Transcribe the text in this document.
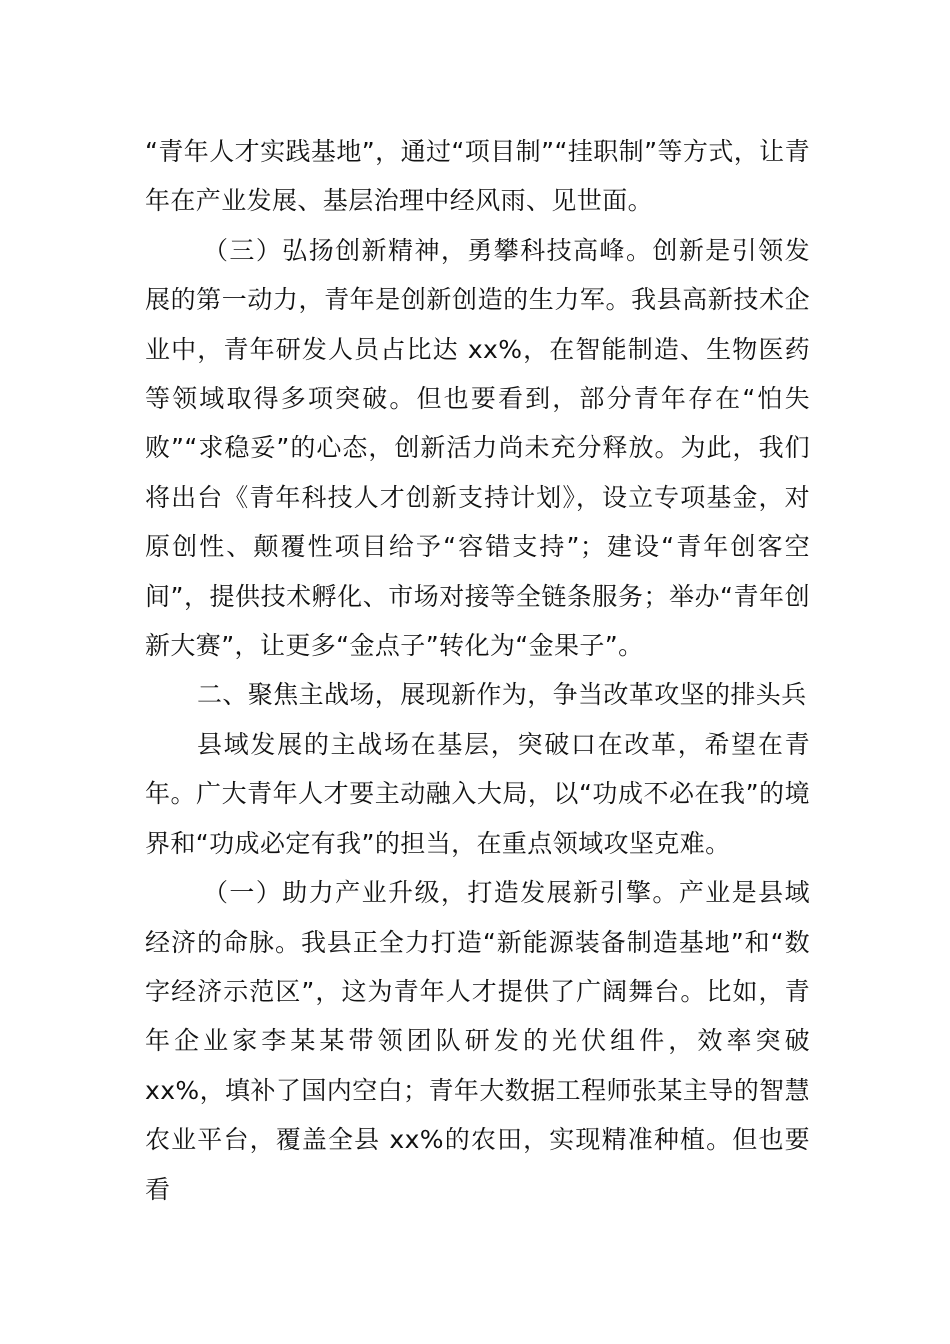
“青年人才实践基地”，通过“项目制”“挂职制”等方式，让青年在产业发展、基层治理中经风雨、见世面。

（三）弘扬创新精神，勇攀科技高峰。创新是引领发展的第一动力，青年是创新创造的生力军。我县高新技术企业中，青年研发人员占比达 xx%，在智能制造、生物医药等领域取得多项突破。但也要看到，部分青年存在“怕失败”“求稳妥”的心态，创新活力尚未充分释放。为此，我们将出台《青年科技人才创新支持计划》，设立专项基金，对原创性、颠覆性项目给予“容错支持”；建设“青年创客空间”，提供技术孵化、市场对接等全链条服务；举办“青年创新大赛”，让更多“金点子”转化为“金果子”。

二、聚焦主战场，展现新作为，争当改革攻坚的排头兵

县域发展的主战场在基层，突破口在改革，希望在青年。广大青年人才要主动融入大局，以“功成不必在我”的境界和“功成必定有我”的担当，在重点领域攻坚克难。

（一）助力产业升级，打造发展新引擎。产业是县域经济的命脉。我县正全力打造“新能源装备制造基地”和“数字经济示范区”，这为青年人才提供了广阔舞台。比如，青年企业家李某某带领团队研发的光伏组件，效率突破 xx%，填补了国内空白；青年大数据工程师张某主导的智慧农业平台，覆盖全县 xx%的农田，实现精准种植。但也要看
